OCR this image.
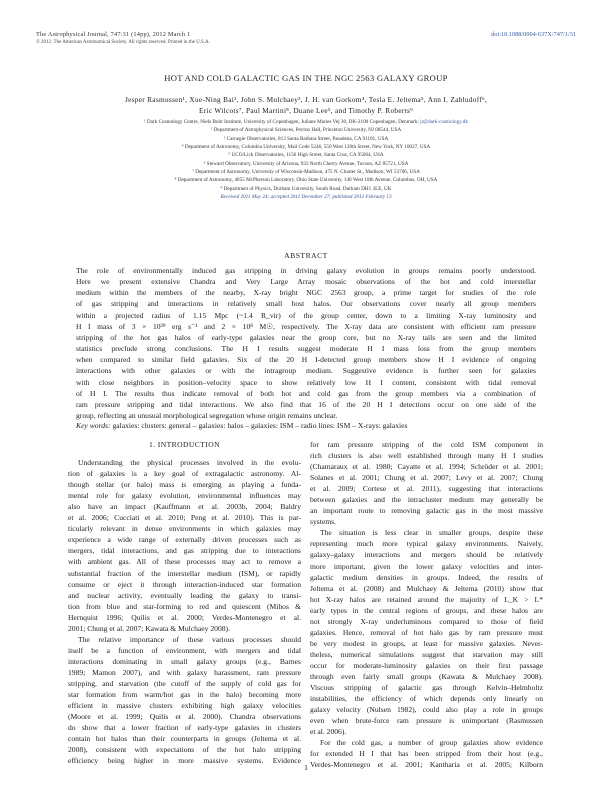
The Astrophysical Journal, 747:31 (14pp), 2012 March 1
© 2012. The American Astronomical Society. All rights reserved. Printed in the U.S.A.
doi:10.1088/0004-637X/747/1/31
HOT AND COLD GALACTIC GAS IN THE NGC 2563 GALAXY GROUP
Jesper Rasmussen¹, Xue-Ning Bai², John S. Mulchaey³, J. H. van Gorkom⁴, Tesla E. Jeltema⁵, Ann I. Zabludoff⁶,
Eric Wilcots⁷, Paul Martini⁸, Duane Lee⁵, and Timothy P. Roberts⁹
¹ Dark Cosmology Centre, Niels Bohr Institute, University of Copenhagen, Juliane Maries Vej 30, DK-2100 Copenhagen, Denmark; jr@dark-cosmology.dk
² Department of Astrophysical Sciences, Peyton Hall, Princeton University, NJ 08544, USA
³ Carnegie Observatories, 813 Santa Barbara Street, Pasadena, CA 91101, USA
⁴ Department of Astronomy, Columbia University, Mail Code 5246, 550 West 120th Street, New York, NY 10027, USA
⁵ UCO/Lick Observatories, 1156 High Street, Santa Cruz, CA 95064, USA
⁶ Steward Observatory, University of Arizona, 933 North Cherry Avenue, Tucson, AZ 85721, USA
⁷ Department of Astronomy, University of Wisconsin-Madison, 475 N. Charter St., Madison, WI 53706, USA
⁸ Department of Astronomy, 4055 McPherson Laboratory, Ohio State University, 140 West 18th Avenue, Columbus, OH, USA
⁹ Department of Physics, Durham University, South Road, Durham DH1 3LE, UK
Received 2011 May 24; accepted 2011 December 27; published 2012 February 13
ABSTRACT
The role of environmentally induced gas stripping in driving galaxy evolution in groups remains poorly understood.
Here we present extensive Chandra and Very Large Array mosaic observations of the hot and cold interstellar
medium within the members of the nearby, X-ray bright NGC 2563 group, a prime target for studies of the role
of gas stripping and interactions in relatively small host halos. Our observations cover nearly all group members
within a projected radius of 1.15 Mpc (~1.4 R_vir) of the group center, down to a limiting X-ray luminosity and
H I mass of 3 × 10³⁹ erg s⁻¹ and 2 × 10⁸ M☉, respectively. The X-ray data are consistent with efficient ram pressure
stripping of the hot gas halos of early-type galaxies near the group core, but no X-ray tails are seen and the limited
statistics preclude strong conclusions. The H I results suggest moderate H I mass loss from the group members
when compared to similar field galaxies. Six of the 20 H I-detected group members show H I evidence of ongoing
interactions with other galaxies or with the intragroup medium. Suggestive evidence is further seen for galaxies
with close neighbors in position–velocity space to show relatively low H I content, consistent with tidal removal
of H I. The results thus indicate removal of both hot and cold gas from the group members via a combination of
ram pressure stripping and tidal interactions. We also find that 16 of the 20 H I detections occur on one side of the
group, reflecting an unusual morphological segregation whose origin remains unclear.
Key words: galaxies: clusters: general – galaxies: halos – galaxies: ISM – radio lines: ISM – X-rays: galaxies
1. INTRODUCTION
Understanding the physical processes involved in the evolu-
tion of galaxies is a key goal of extragalactic astronomy. Al-
though stellar (or halo) mass is emerging as playing a funda-
mental role for galaxy evolution, environmental influences may
also have an impact (Kauffmann et al. 2003b, 2004; Baldry
et al. 2006; Cucciati et al. 2010; Peng et al. 2010). This is par-
ticularly relevant in dense environments in which galaxies may
experience a wide range of externally driven processes such as
mergers, tidal interactions, and gas stripping due to interactions
with ambient gas. All of these processes may act to remove a
substantial fraction of the interstellar medium (ISM), or rapidly
consume or eject it through interaction-induced star formation
and nuclear activity, eventually leading the galaxy to transi-
tion from blue and star-forming to red and quiescent (Mihos &
Hernquist 1996; Quilis et al. 2000; Verdes-Montenegro et al.
2001; Chung et al. 2007; Kawata & Mulchaey 2008).
The relative importance of these various processes should
itself be a function of environment, with mergers and tidal
interactions dominating in small galaxy groups (e.g., Barnes
1989; Mamon 2007), and with galaxy harassment, ram pressure
stripping, and starvation (the cutoff of the supply of cold gas for
star formation from warm/hot gas in the halo) becoming more
efficient in massive clusters exhibiting high galaxy velocities
(Moore et al. 1999; Quilis et al. 2000). Chandra observations
do show that a lower fraction of early-type galaxies in clusters
contain hot halos than their counterparts in groups (Jeltema et al.
2008), consistent with expectations of the hot halo stripping
efficiency being higher in more massive systems. Evidence
for ram pressure stripping of the cold ISM component in
rich clusters is also well established through many H I studies
(Chamaraux et al. 1980; Cayatte et al. 1994; Schröder et al. 2001;
Solanes et al. 2001; Chung et al. 2007; Levy et al. 2007; Chung
et al. 2009; Cortese et al. 2011), suggesting that interactions
between galaxies and the intracluster medium may generally be
an important route to removing galactic gas in the most massive
systems.
The situation is less clear in smaller groups, despite these
representing much more typical galaxy environments. Naively,
galaxy–galaxy interactions and mergers should be relatively
more important, given the lower galaxy velocities and inter-
galactic medium densities in groups. Indeed, the results of
Jeltema et al. (2008) and Mulchaey & Jeltema (2010) show that
hot X-ray halos are retained around the majority of L_K > L*
early types in the central regions of groups, and these halos are
not strongly X-ray underluminous compared to those of field
galaxies. Hence, removal of hot halo gas by ram pressure must
be very modest in groups, at least for massive galaxies. Never-
theless, numerical simulations suggest that starvation may still
occur for moderate-luminosity galaxies on their first passage
through even fairly small groups (Kawata & Mulchaey 2008).
Viscous stripping of galactic gas through Kelvin–Helmholtz
instabilities, the efficiency of which depends only linearly on
galaxy velocity (Nulsen 1982), could also play a role in groups
even when brute-force ram pressure is unimportant (Rasmussen
et al. 2006).
For the cold gas, a number of group galaxies show evidence
for extended H I that has been stripped from their host (e.g.,
Verdes-Montenegro et al. 2001; Kantharia et al. 2005; Kilborn
1
